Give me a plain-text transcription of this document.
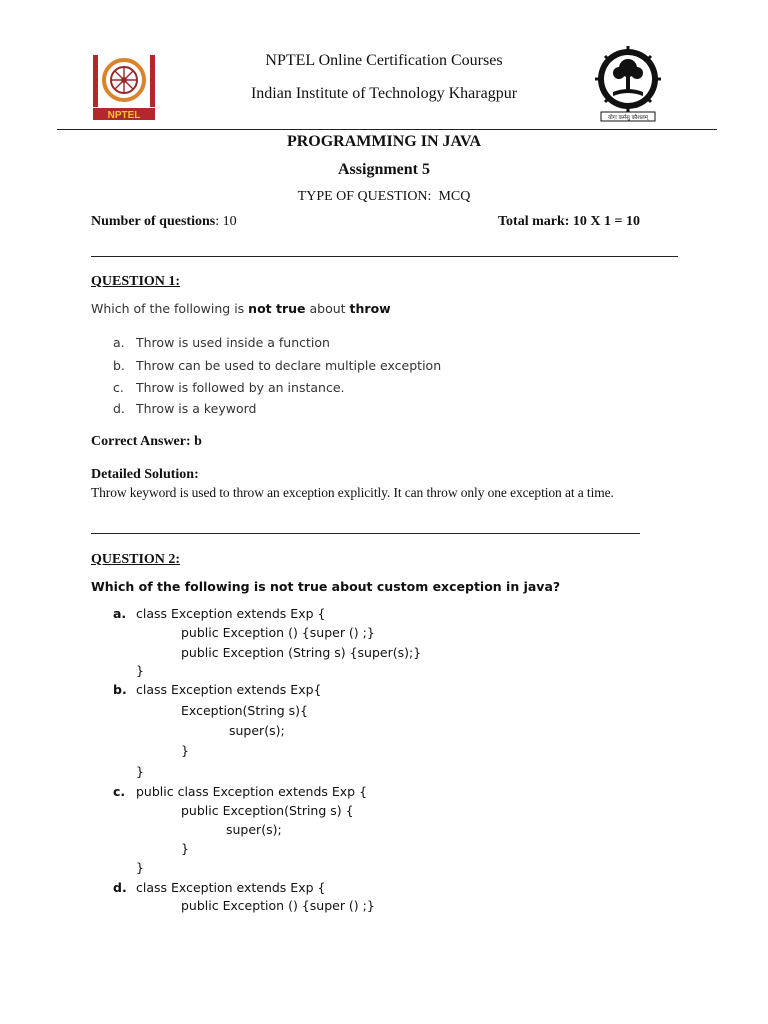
NPTEL	योगः कर्मसु कौशलम्
NPTEL Online Certification Courses
Indian Institute of Technology Kharagpur
PROGRAMMING IN JAVA
Assignment 5
TYPE OF QUESTION: MCQ
Number of questions: 10	Total mark: 10 X 1 = 10
QUESTION 1:
Which of the following is not true about throw
a. Throw is used inside a function
b. Throw can be used to declare multiple exception
c. Throw is followed by an instance.
d. Throw is a keyword
Correct Answer: b
Detailed Solution:
Throw keyword is used to throw an exception explicitly. It can throw only one exception at a time.
QUESTION 2:
Which of the following is not true about custom exception in java?
a. class Exception extends Exp {
public Exception () {super () ;}
public Exception (String s) {super(s);}
}
b. class Exception extends Exp{
Exception(String s){
super(s);
}
}
c. public class Exception extends Exp {
public Exception(String s) {
super(s);
}
}
d. class Exception extends Exp {
public Exception () {super () ;}
